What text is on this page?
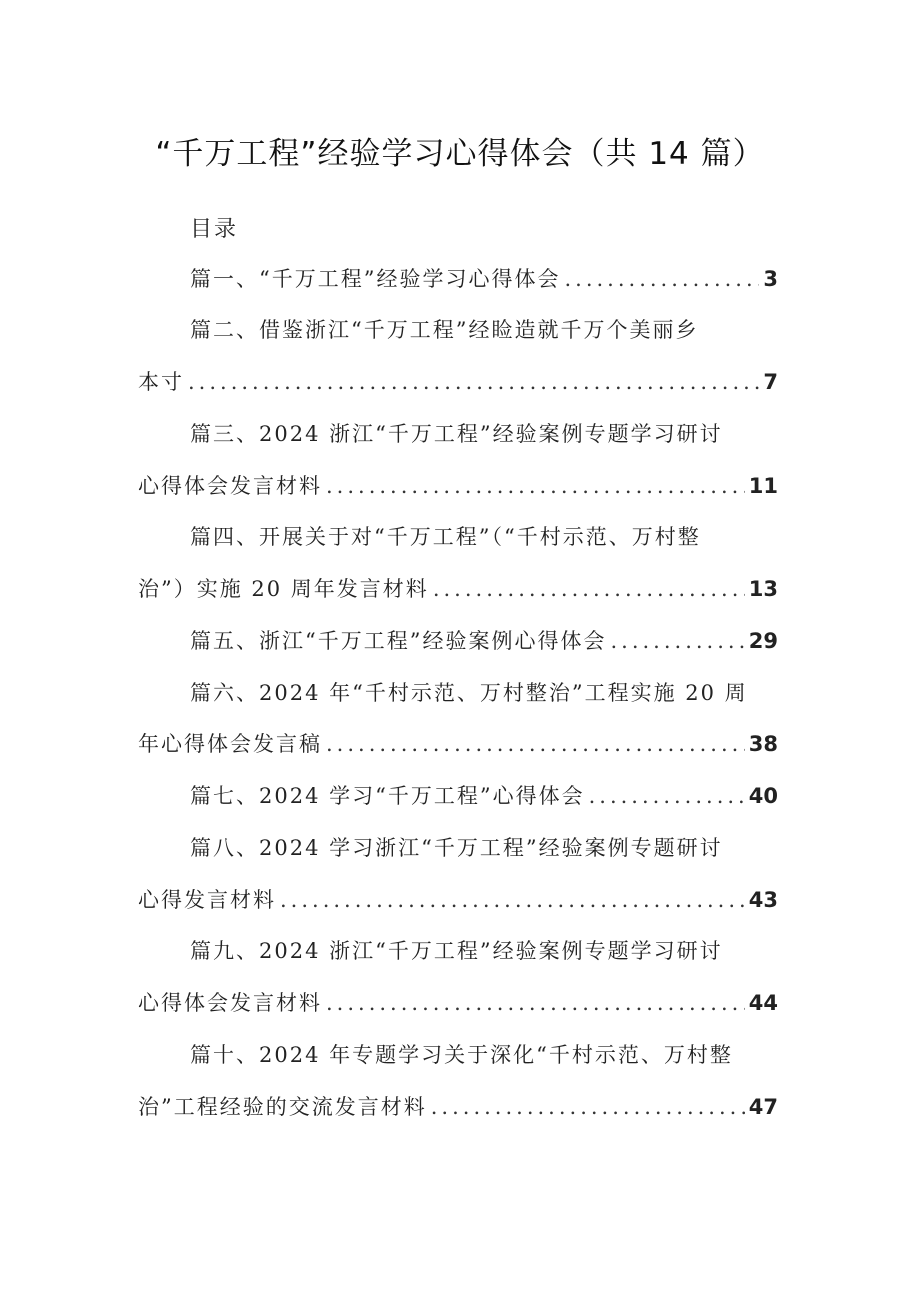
“千万工程”经验学习心得体会（共 14 篇）
目录
篇一、“千万工程”经验学习心得体会 .....	3
篇二、借鉴浙江“千万工程”经睑造就千万个美丽乡
本寸 .....	7
篇三、2024 浙江“千万工程”经验案例专题学习研讨
心得体会发言材料 .....	11
篇四、开展关于对“千万工程”（“千村示范、万村整
治”）实施 20 周年发言材料 .....	13
篇五、浙江“千万工程”经验案例心得体会 .....	29
篇六、2024 年“千村示范、万村整治”工程实施 20 周
年心得体会发言稿 .....	38
篇七、2024 学习“千万工程”心得体会 .....	40
篇八、2024 学习浙江“千万工程”经验案例专题研讨
心得发言材料 .....	43
篇九、2024 浙江“千万工程”经验案例专题学习研讨
心得体会发言材料 .....	44
篇十、2024 年专题学习关于深化“千村示范、万村整
治”工程经验的交流发言材料 .....	47
